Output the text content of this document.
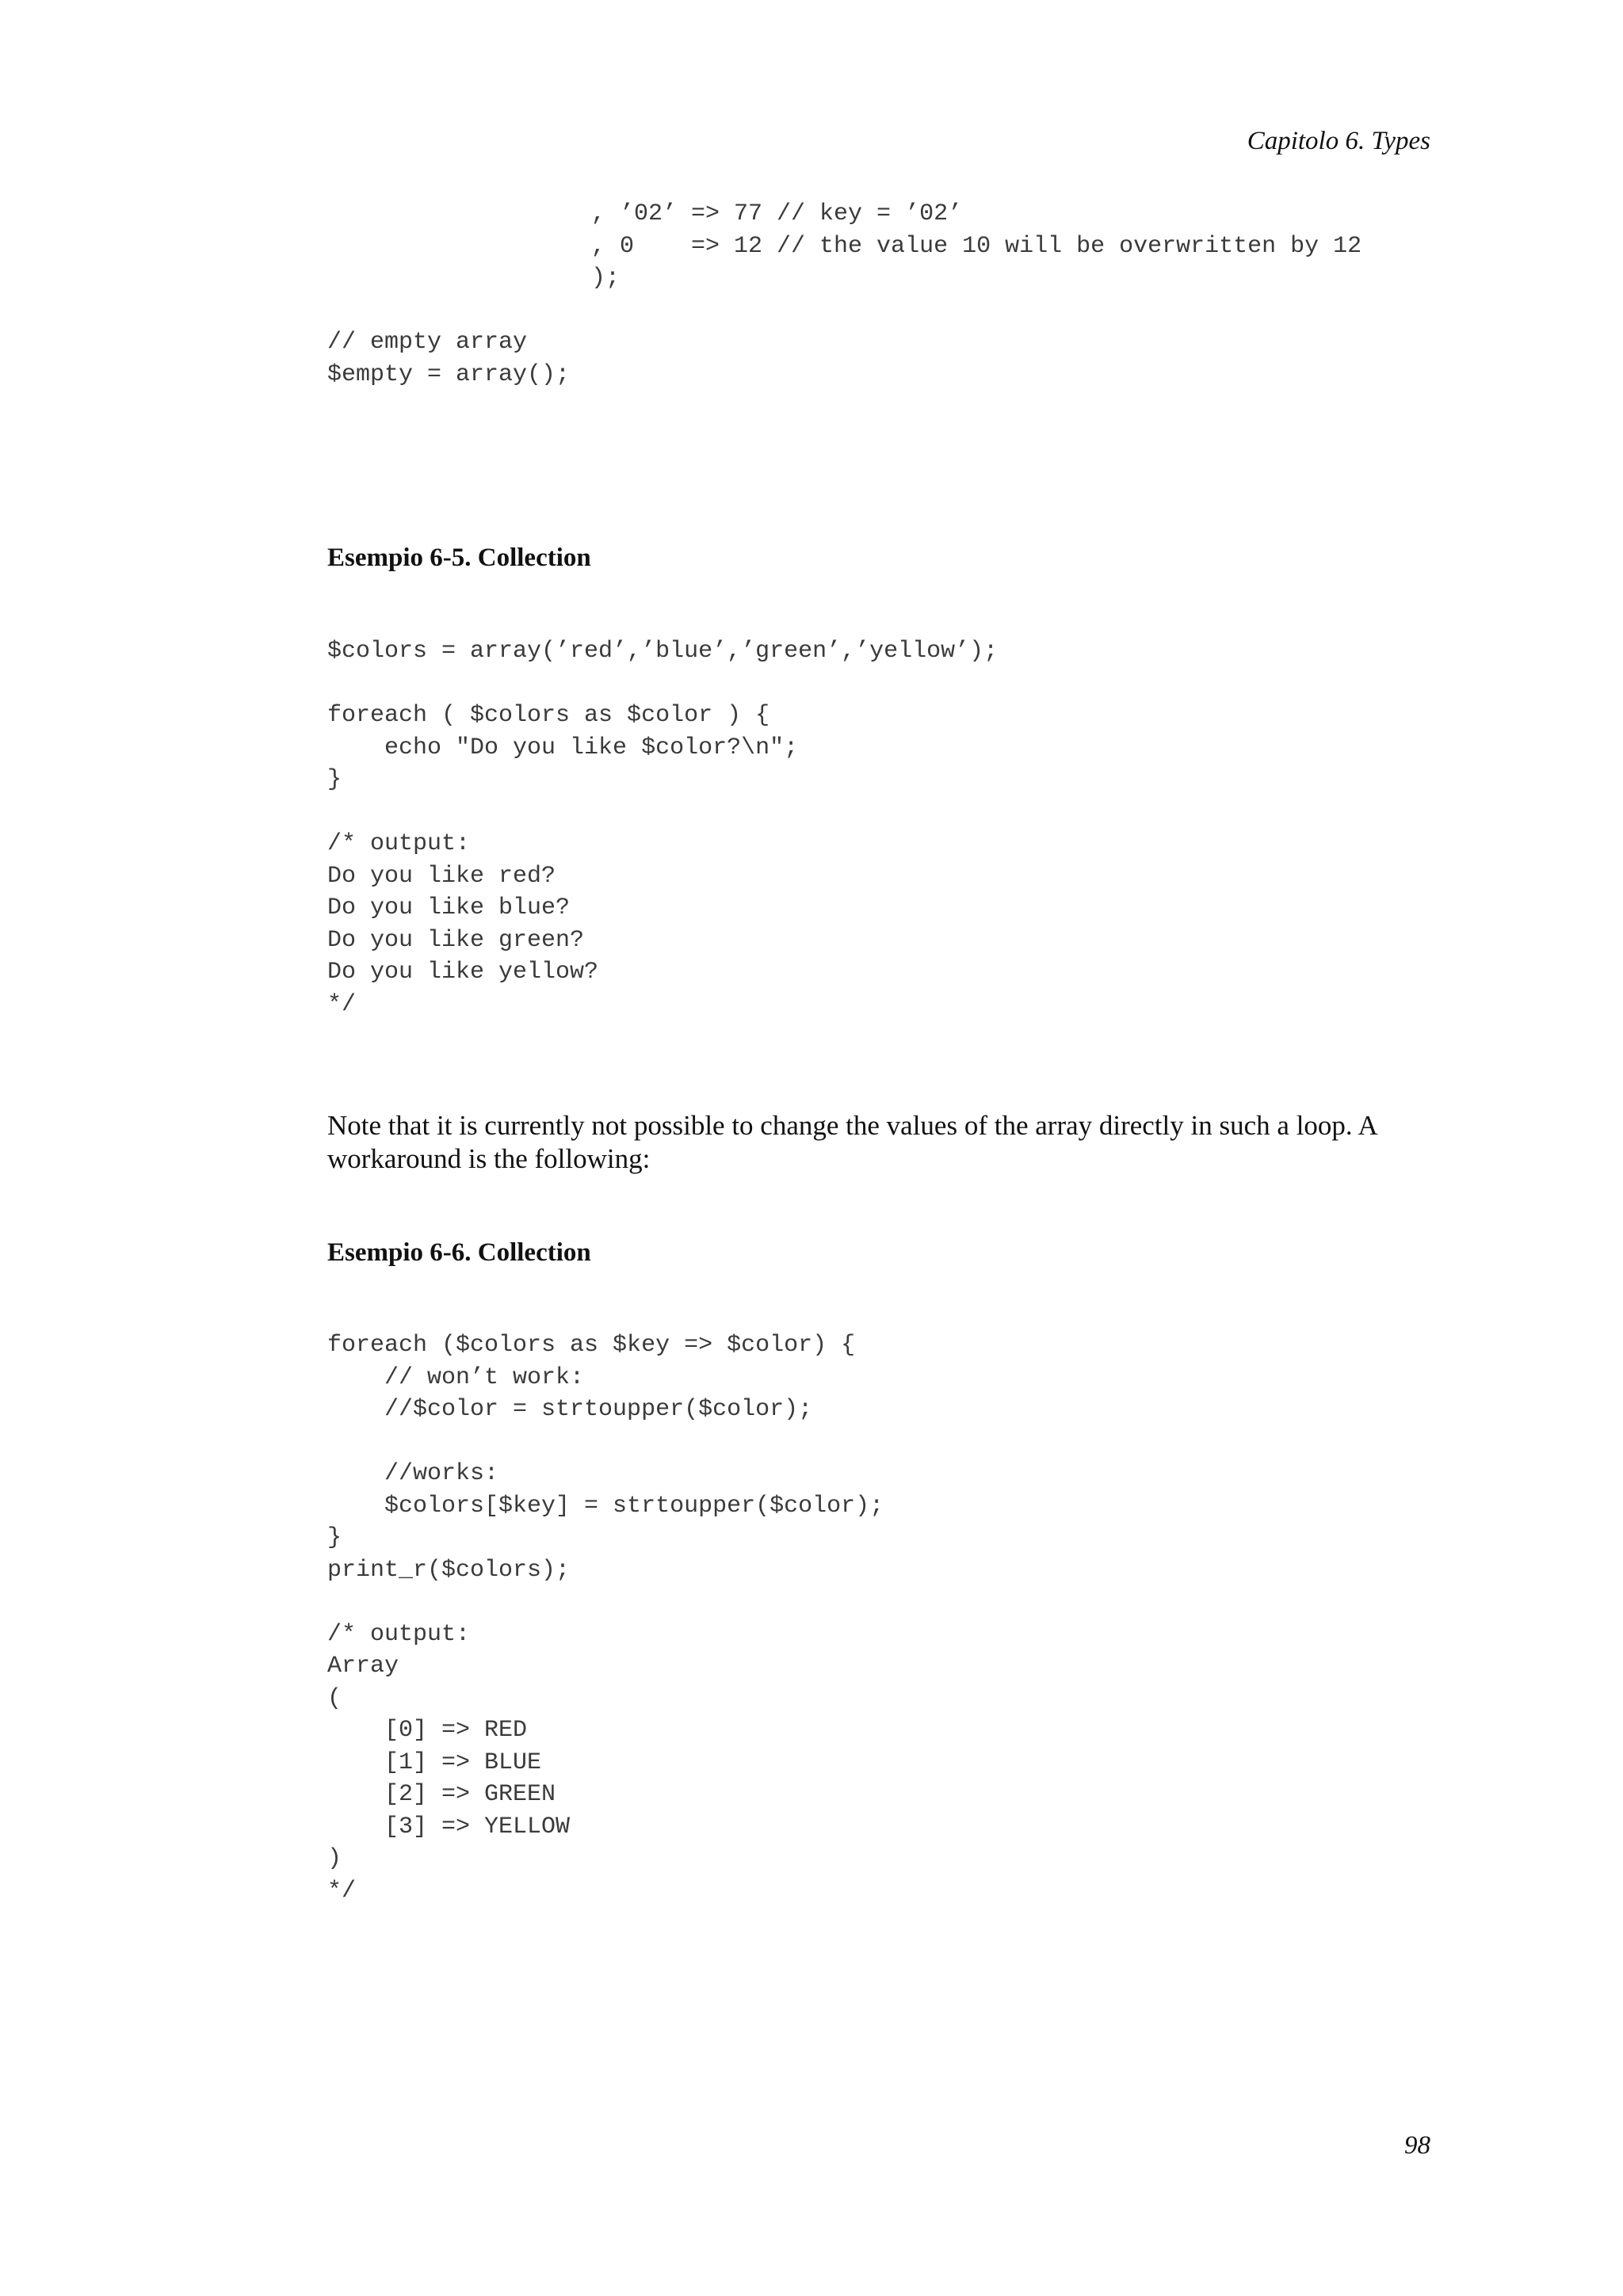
Capitolo 6. Types
, ’02’ => 77 // key = ’02’
, 0    => 12 // the value 10 will be overwritten by 12
);
// empty array
$empty = array();
Esempio 6-5. Collection
$colors = array(’red’,’blue’,’green’,’yellow’);
foreach ( $colors as $color ) {
echo "Do you like $color?\n";
}
/* output:
Do you like red?
Do you like blue?
Do you like green?
Do you like yellow?
*/

Note that it is currently not possible to change the values of the array directly in such a loop. A workaround is the following:

Esempio 6-6. Collection
foreach ($colors as $key => $color) {
// won’t work:
//$color = strtoupper($color);
//works:
$colors[$key] = strtoupper($color);
}
print_r($colors);
/* output:
Array
(
[0] => RED
[1] => BLUE
[2] => GREEN
[3] => YELLOW
)
*/
98
